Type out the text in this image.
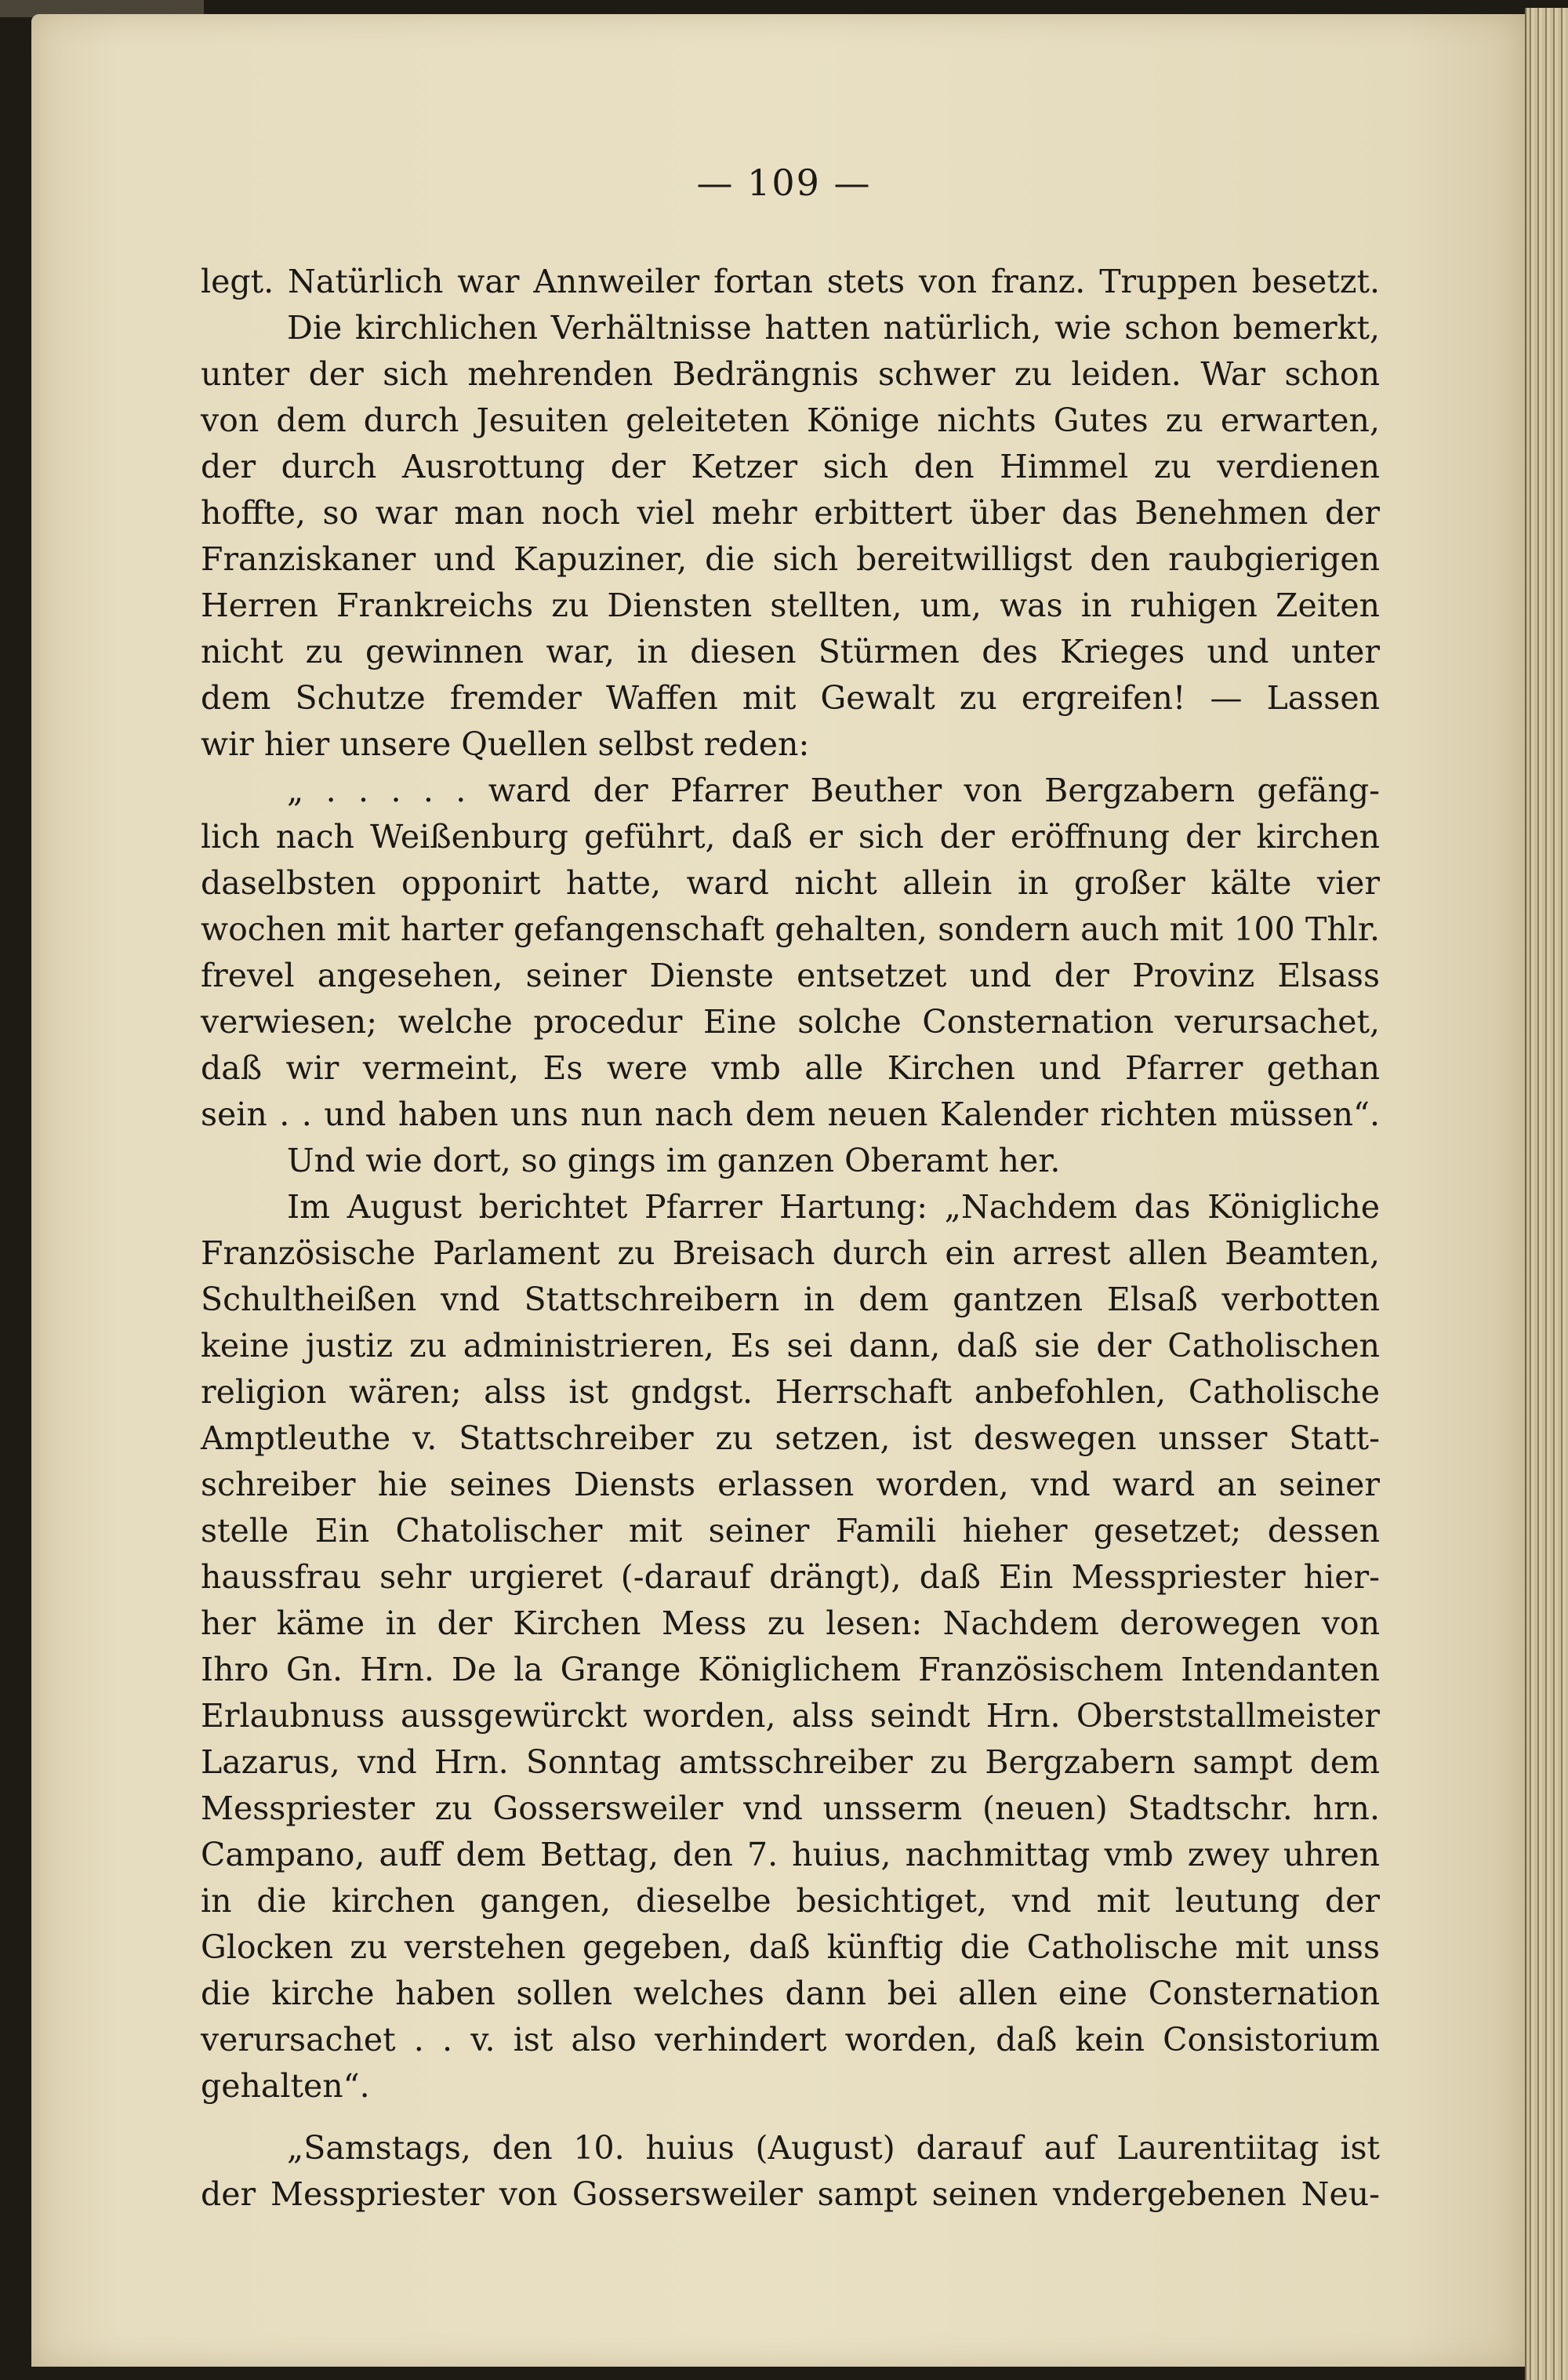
— 109 —
legt. Natürlich war Annweiler fortan stets von franz. Truppen besetzt.
Die kirchlichen Verhältnisse hatten natürlich, wie schon bemerkt,
unter der sich mehrenden Bedrängnis schwer zu leiden. War schon
von dem durch Jesuiten geleiteten Könige nichts Gutes zu erwarten,
der durch Ausrottung der Ketzer sich den Himmel zu verdienen
hoffte, so war man noch viel mehr erbittert über das Benehmen der
Franziskaner und Kapuziner, die sich bereitwilligst den raubgierigen
Herren Frankreichs zu Diensten stellten, um, was in ruhigen Zeiten
nicht zu gewinnen war, in diesen Stürmen des Krieges und unter
dem Schutze fremder Waffen mit Gewalt zu ergreifen! — Lassen
wir hier unsere Quellen selbst reden:
„ . . . . . ward der Pfarrer Beuther von Bergzabern gefäng-
lich nach Weißenburg geführt, daß er sich der eröffnung der kirchen
daselbsten opponirt hatte, ward nicht allein in großer kälte vier
wochen mit harter gefangenschaft gehalten, sondern auch mit 100 Thlr.
frevel angesehen, seiner Dienste entsetzet und der Provinz Elsass
verwiesen; welche procedur Eine solche Consternation verursachet,
daß wir vermeint, Es were vmb alle Kirchen und Pfarrer gethan
sein . . und haben uns nun nach dem neuen Kalender richten müssen“.
Und wie dort, so gings im ganzen Oberamt her.
Im August berichtet Pfarrer Hartung: „Nachdem das Königliche
Französische Parlament zu Breisach durch ein arrest allen Beamten,
Schultheißen vnd Stattschreibern in dem gantzen Elsaß verbotten
keine justiz zu administrieren, Es sei dann, daß sie der Catholischen
religion wären; alss ist gndgst. Herrschaft anbefohlen, Catholische
Amptleuthe v. Stattschreiber zu setzen, ist deswegen unsser Statt-
schreiber hie seines Diensts erlassen worden, vnd ward an seiner
stelle Ein Chatolischer mit seiner Famili hieher gesetzet; dessen
haussfrau sehr urgieret (-darauf drängt), daß Ein Messpriester hier-
her käme in der Kirchen Mess zu lesen: Nachdem derowegen von
Ihro Gn. Hrn. De la Grange Königlichem Französischem Intendanten
Erlaubnuss aussgewürckt worden, alss seindt Hrn. Oberststallmeister
Lazarus, vnd Hrn. Sonntag amtsschreiber zu Bergzabern sampt dem
Messpriester zu Gossersweiler vnd unsserm (neuen) Stadtschr. hrn.
Campano, auff dem Bettag, den 7. huius, nachmittag vmb zwey uhren
in die kirchen gangen, dieselbe besichtiget, vnd mit leutung der
Glocken zu verstehen gegeben, daß künftig die Catholische mit unss
die kirche haben sollen welches dann bei allen eine Consternation
verursachet . . v. ist also verhindert worden, daß kein Consistorium
gehalten“.
„Samstags, den 10. huius (August) darauf auf Laurentiitag ist
der Messpriester von Gossersweiler sampt seinen vndergebenen Neu-
